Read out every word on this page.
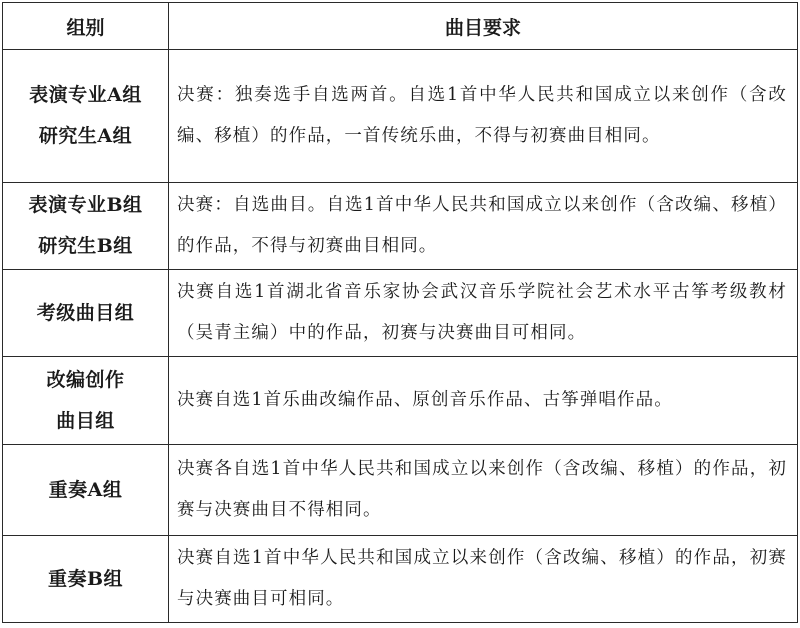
组别	曲目要求

表演专业A组
研究生A组	决赛：独奏选手自选两首。自选1首中华人民共和国成立以来创作（含改编、移植）的作品，一首传统乐曲，不得与初赛曲目相同。

表演专业B组
研究生B组	决赛：自选曲目。自选1首中华人民共和国成立以来创作（含改编、移植）的作品，不得与初赛曲目相同。

考级曲目组	决赛自选1首湖北省音乐家协会武汉音乐学院社会艺术水平古筝考级教材（吴青主编）中的作品，初赛与决赛曲目可相同。

改编创作
曲目组	决赛自选1首乐曲改编作品、原创音乐作品、古筝弹唱作品。

重奏A组	决赛各自选1首中华人民共和国成立以来创作（含改编、移植）的作品，初赛与决赛曲目不得相同。

重奏B组	决赛自选1首中华人民共和国成立以来创作（含改编、移植）的作品，初赛与决赛曲目可相同。
